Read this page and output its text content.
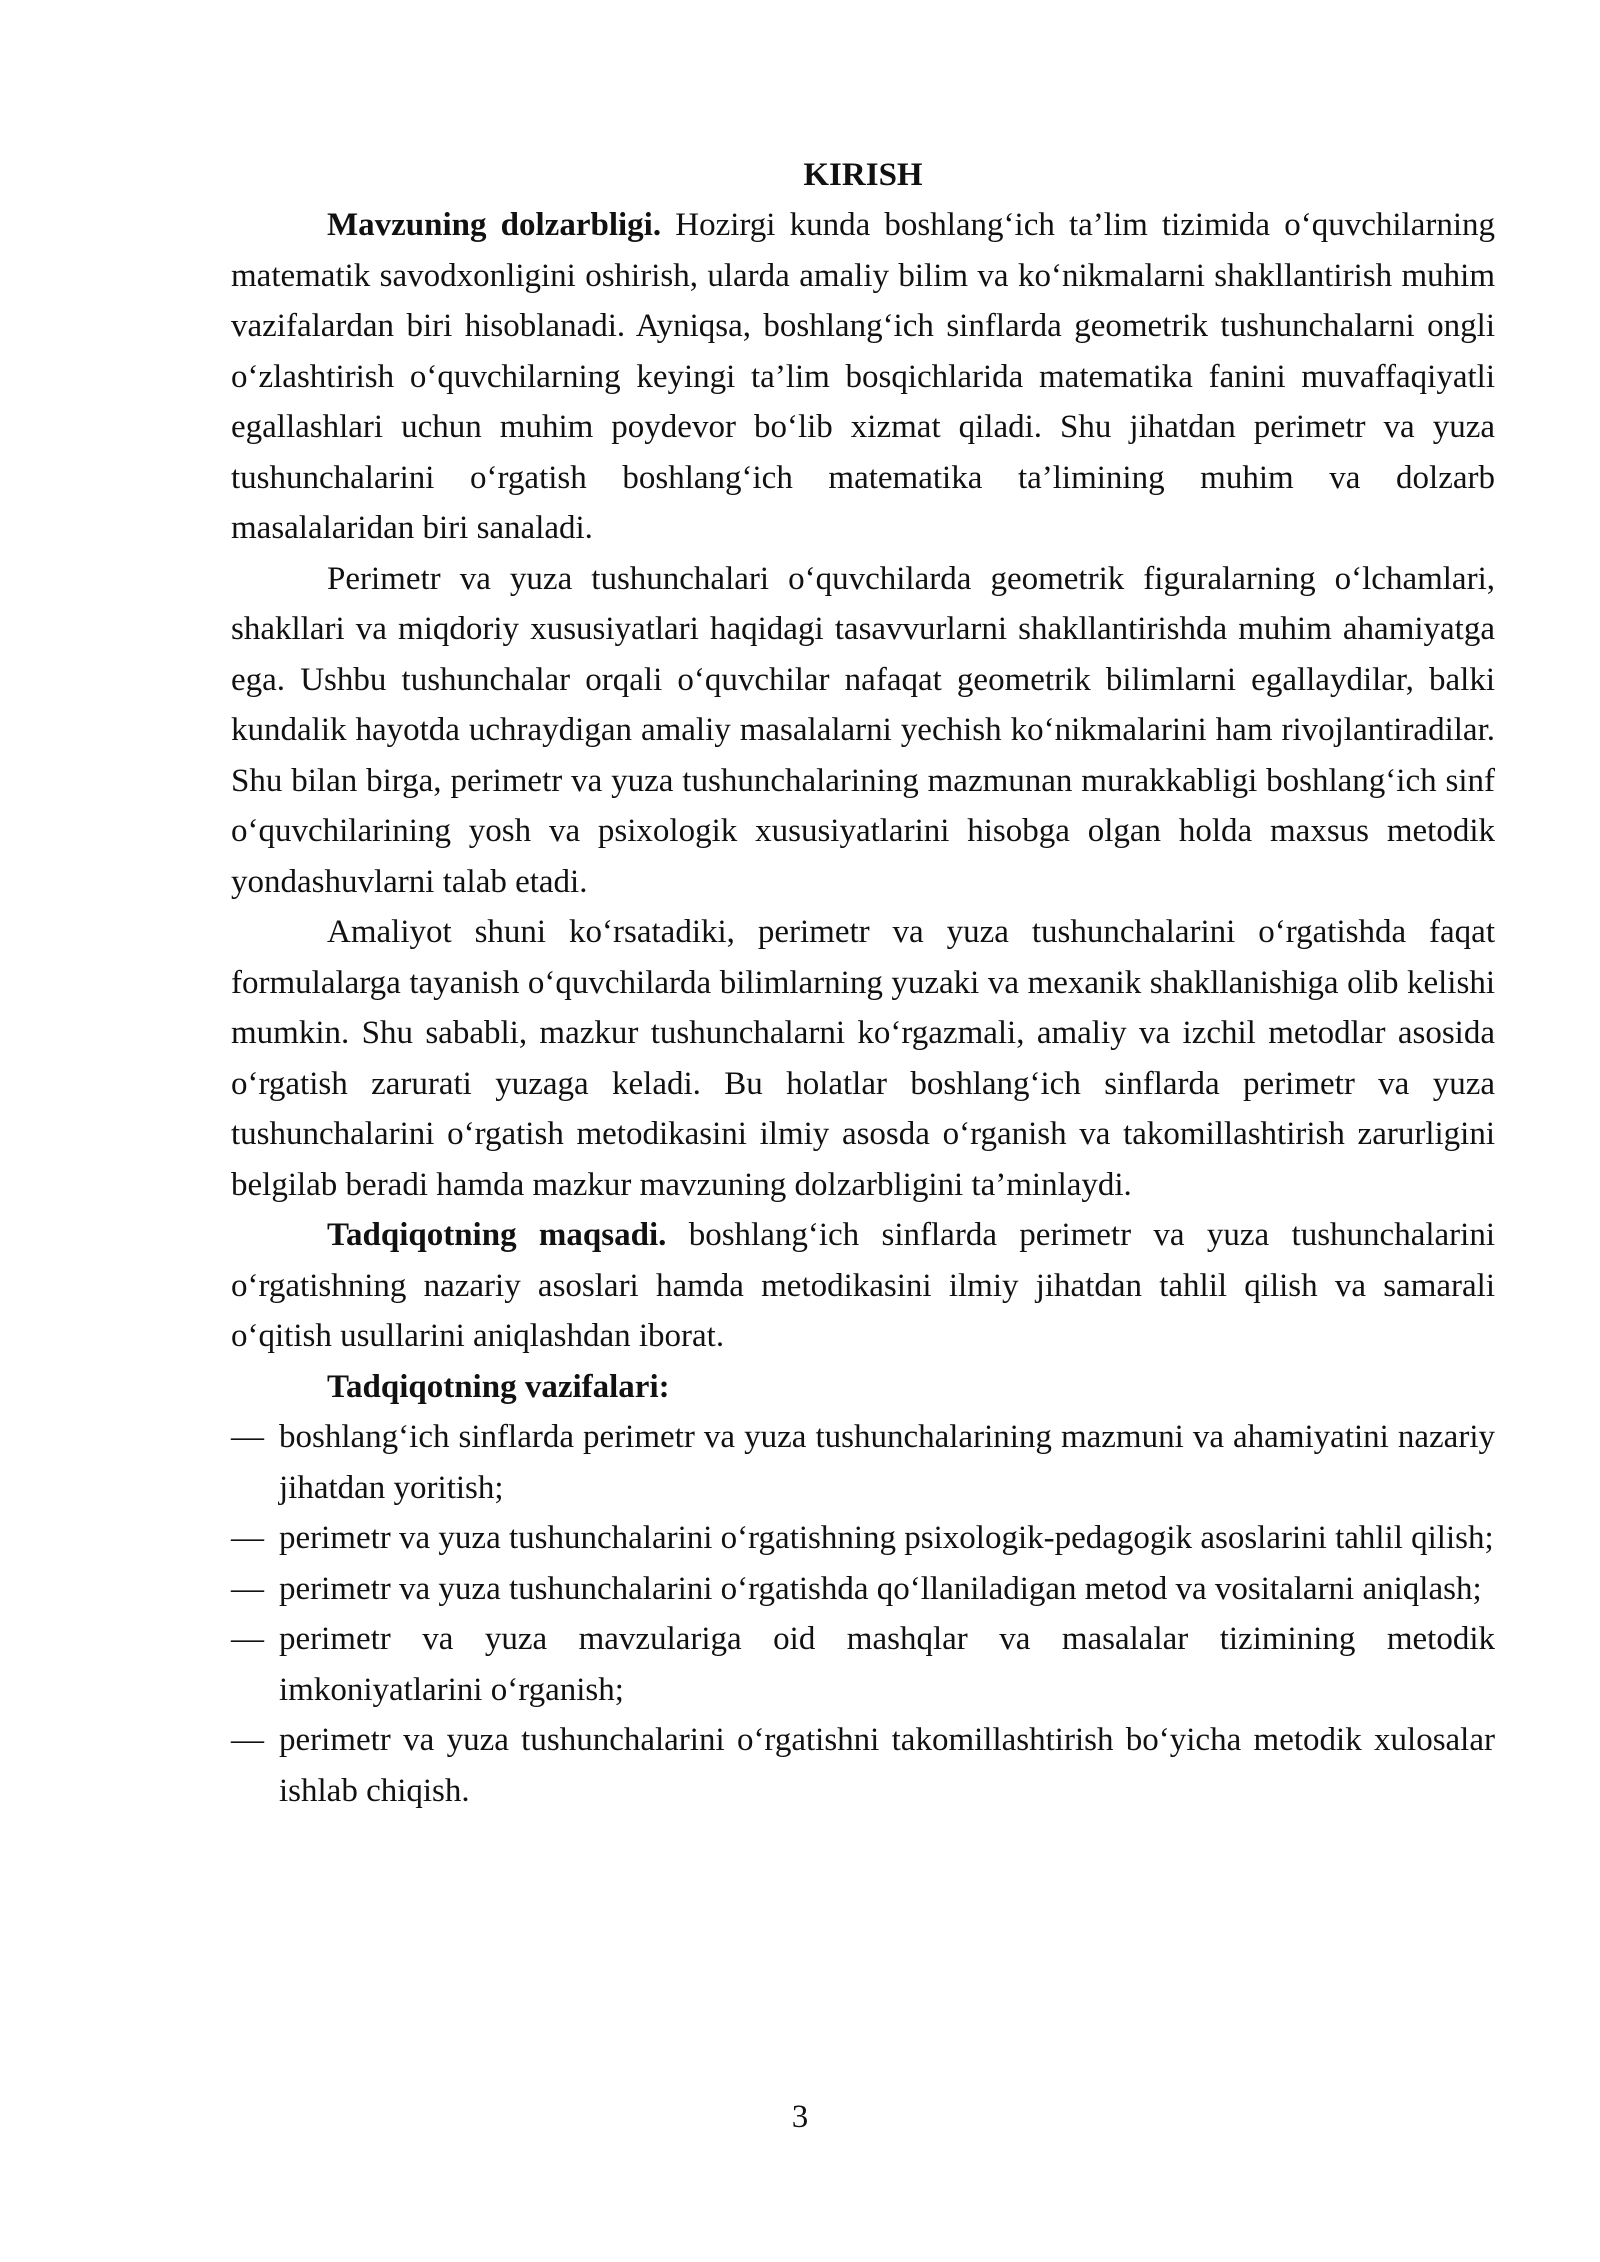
KIRISH

Mavzuning dolzarbligi. Hozirgi kunda boshlang‘ich ta’lim tizimida o‘quvchilarning matematik savodxonligini oshirish, ularda amaliy bilim va ko‘nikmalarni shakllantirish muhim vazifalardan biri hisoblanadi. Ayniqsa, boshlang‘ich sinflarda geometrik tushunchalarni ongli o‘zlashtirish o‘quvchilarning keyingi ta’lim bosqichlarida matematika fanini muvaffaqiyatli egallashlari uchun muhim poydevor bo‘lib xizmat qiladi. Shu jihatdan perimetr va yuza tushunchalarini o‘rgatish boshlang‘ich matematika ta’limining muhim va dolzarb masalalaridan biri sanaladi.

Perimetr va yuza tushunchalari o‘quvchilarda geometrik figuralarning o‘lchamlari, shakllari va miqdoriy xususiyatlari haqidagi tasavvurlarni shakllantirishda muhim ahamiyatga ega. Ushbu tushunchalar orqali o‘quvchilar nafaqat geometrik bilimlarni egallaydilar, balki kundalik hayotda uchraydigan amaliy masalalarni yechish ko‘nikmalarini ham rivojlantiradilar. Shu bilan birga, perimetr va yuza tushunchalarining mazmunan murakkabligi boshlang‘ich sinf o‘quvchilarining yosh va psixologik xususiyatlarini hisobga olgan holda maxsus metodik yondashuvlarni talab etadi.

Amaliyot shuni ko‘rsatadiki, perimetr va yuza tushunchalarini o‘rgatishda faqat formulalarga tayanish o‘quvchilarda bilimlarning yuzaki va mexanik shakllanishiga olib kelishi mumkin. Shu sababli, mazkur tushunchalarni ko‘rgazmali, amaliy va izchil metodlar asosida o‘rgatish zarurati yuzaga keladi. Bu holatlar boshlang‘ich sinflarda perimetr va yuza tushunchalarini o‘rgatish metodikasini ilmiy asosda o‘rganish va takomillashtirish zarurligini belgilab beradi hamda mazkur mavzuning dolzarbligini ta’minlaydi.

Tadqiqotning maqsadi. boshlang‘ich sinflarda perimetr va yuza tushunchalarini o‘rgatishning nazariy asoslari hamda metodikasini ilmiy jihatdan tahlil qilish va samarali o‘qitish usullarini aniqlashdan iborat.

Tadqiqotning vazifalari:

— boshlang‘ich sinflarda perimetr va yuza tushunchalarining mazmuni va ahamiyatini nazariy jihatdan yoritish;
— perimetr va yuza tushunchalarini o‘rgatishning psixologik-pedagogik asoslarini tahlil qilish;
— perimetr va yuza tushunchalarini o‘rgatishda qo‘llaniladigan metod va vositalarni aniqlash;
— perimetr va yuza mavzulariga oid mashqlar va masalalar tizimining metodik imkoniyatlarini o‘rganish;
— perimetr va yuza tushunchalarini o‘rgatishni takomillashtirish bo‘yicha metodik xulosalar ishlab chiqish.
3
